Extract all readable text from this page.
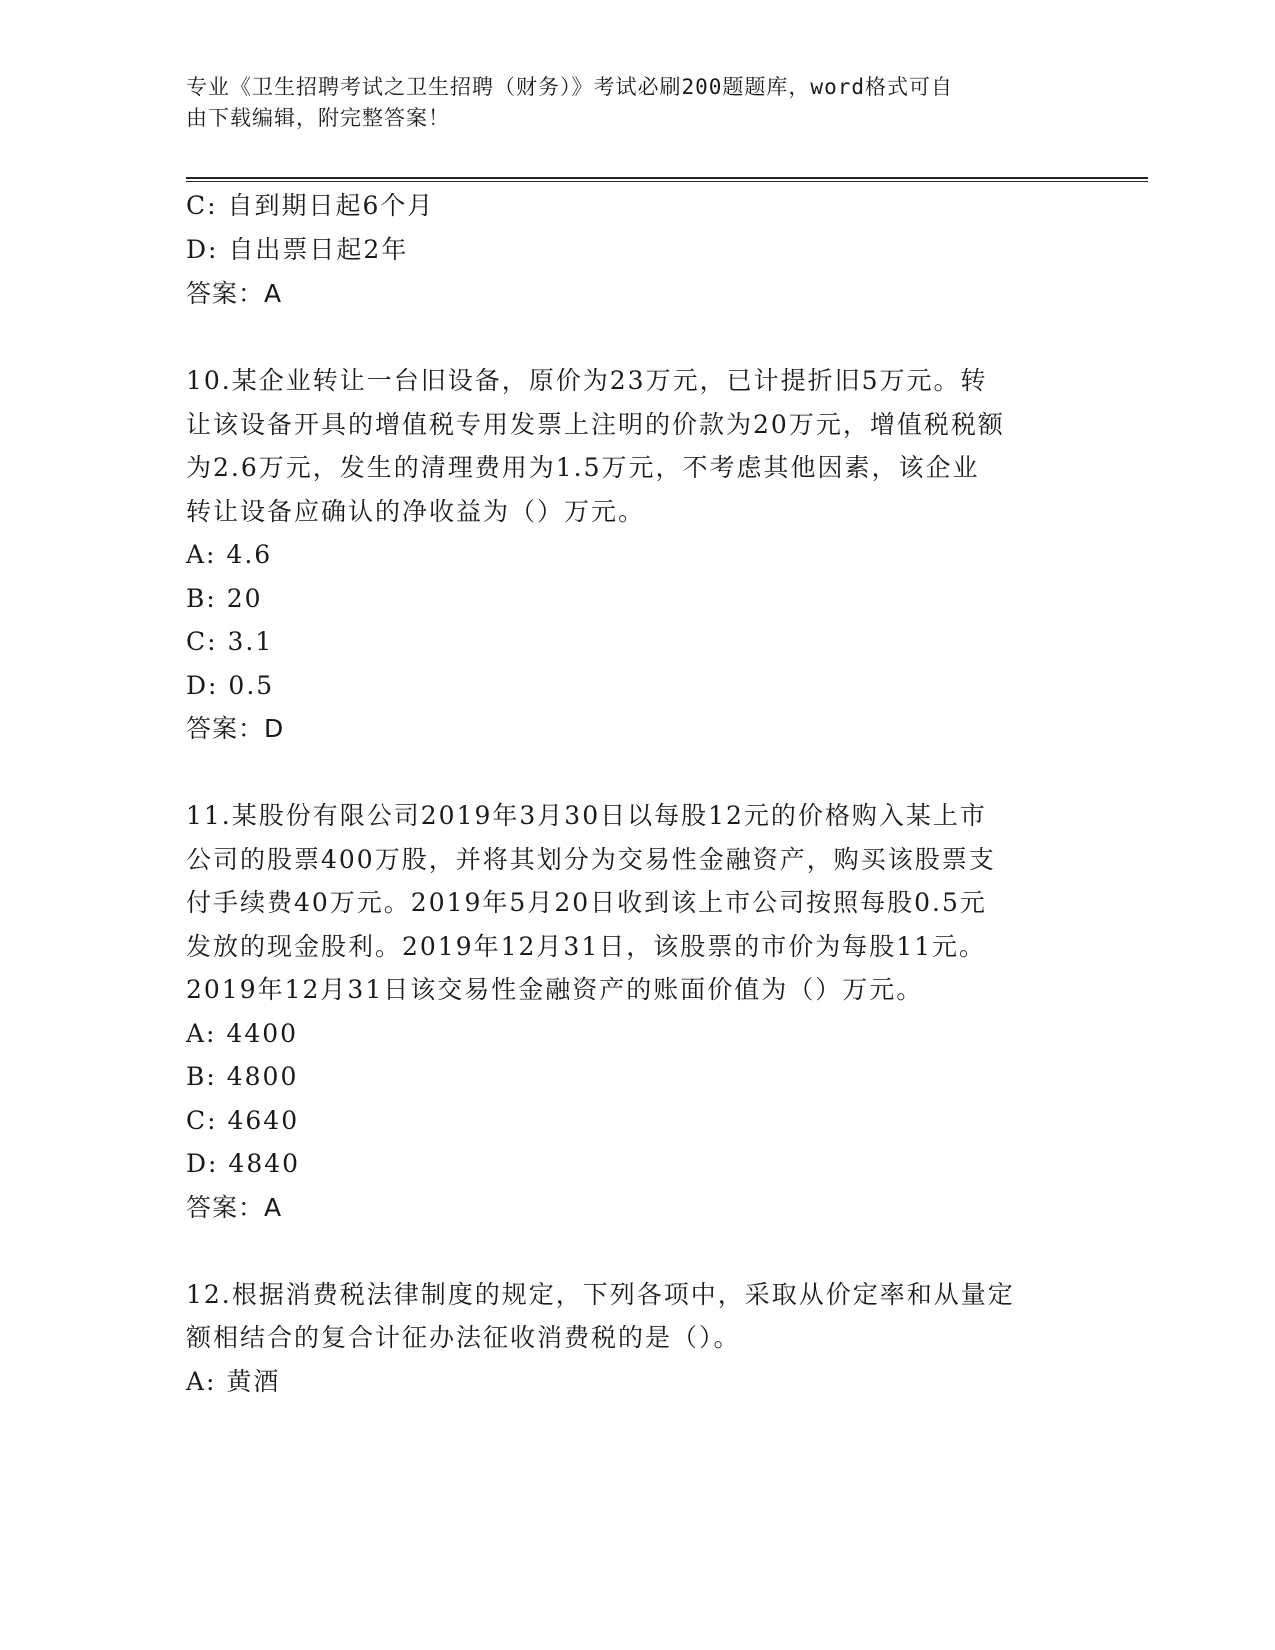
专业《卫生招聘考试之卫生招聘（财务）》考试必刷200题题库，word格式可自
由下载编辑，附完整答案！
C: 自到期日起6个月
D: 自出票日起2年
答案：A
10.某企业转让一台旧设备，原价为23万元，已计提折旧5万元。转
让该设备开具的增值税专用发票上注明的价款为20万元，增值税税额
为2.6万元，发生的清理费用为1.5万元，不考虑其他因素，该企业
转让设备应确认的净收益为（）万元。
A: 4.6
B: 20
C: 3.1
D: 0.5
答案：D
11.某股份有限公司2019年3月30日以每股12元的价格购入某上市
公司的股票400万股，并将其划分为交易性金融资产，购买该股票支
付手续费40万元。2019年5月20日收到该上市公司按照每股0.5元
发放的现金股利。2019年12月31日，该股票的市价为每股11元。
2019年12月31日该交易性金融资产的账面价值为（）万元。
A: 4400
B: 4800
C: 4640
D: 4840
答案：A
12.根据消费税法律制度的规定，下列各项中，采取从价定率和从量定
额相结合的复合计征办法征收消费税的是（）。
A: 黄酒
